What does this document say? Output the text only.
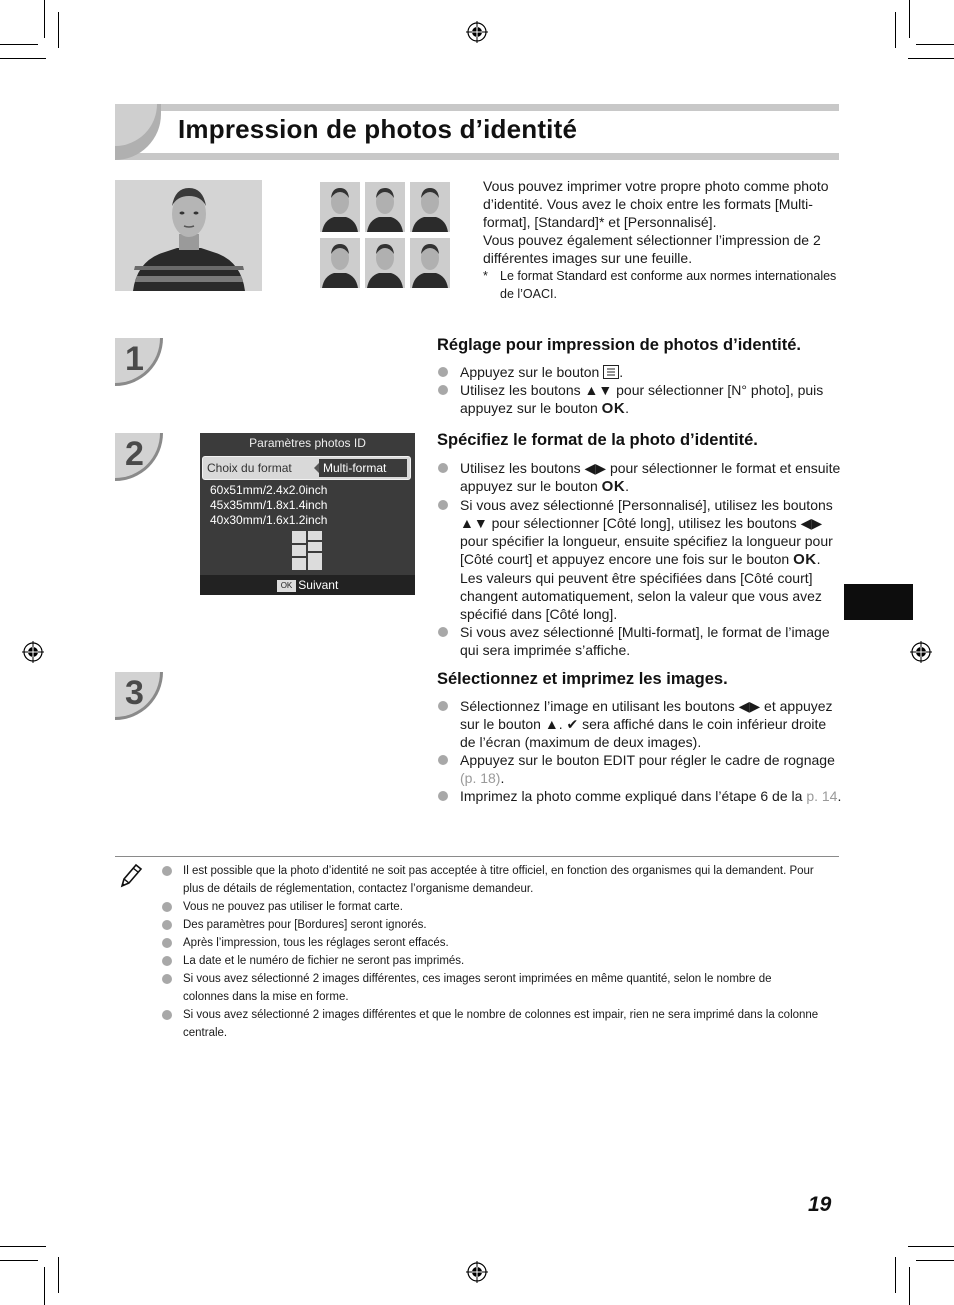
Impression de photos d’identité

Vous pouvez imprimer votre propre photo comme photo d’identité. Vous avez le choix entre les formats [Multi-format], [Standard]* et [Personnalisé].

Vous pouvez également sélectionner l’impression de 2 différentes images sur une feuille.

* Le format Standard est conforme aux normes internationales de l’OACI.
1	Réglage pour impression de photos d’identité.
Appuyez sur le bouton .
Utilisez les boutons ▲▼ pour sélectionner [N° photo], puis appuyez sur le bouton OK.
2	Paramètres photos ID
Choix du format	Multi-format
60x51mm/2.4x2.0inch
45x35mm/1.8x1.4inch
40x30mm/1.6x1.2inch
OK Suivant
Spécifiez le format de la photo d’identité.
Utilisez les boutons ◀▶ pour sélectionner le format et ensuite appuyez sur le bouton OK.
Si vous avez sélectionné [Personnalisé], utilisez les boutons ▲▼ pour sélectionner [Côté long], utilisez les boutons ◀▶ pour spécifier la longueur, ensuite spécifiez la longueur pour [Côté court] et appuyez encore une fois sur le bouton OK. Les valeurs qui peuvent être spécifiées dans [Côté court] changent automatiquement, selon la valeur que vous avez spécifié dans [Côté long].
Si vous avez sélectionné [Multi-format], le format de l’image qui sera imprimée s’affiche.
3	Sélectionnez et imprimez les images.
Sélectionnez l’image en utilisant les boutons ◀▶ et appuyez sur le bouton ▲. ✔ sera affiché dans le coin inférieur droite de l’écran (maximum de deux images).
Appuyez sur le bouton EDIT pour régler le cadre de rognage (p. 18).
Imprimez la photo comme expliqué dans l’étape 6 de la p. 14.
Il est possible que la photo d’identité ne soit pas acceptée à titre officiel, en fonction des organismes qui la demandent. Pour plus de détails de réglementation, contactez l’organisme demandeur.
Vous ne pouvez pas utiliser le format carte.
Des paramètres pour [Bordures] seront ignorés.
Après l’impression, tous les réglages seront effacés.
La date et le numéro de fichier ne seront pas imprimés.
Si vous avez sélectionné 2 images différentes, ces images seront imprimées en même quantité, selon le nombre de colonnes dans la mise en forme.
Si vous avez sélectionné 2 images différentes et que le nombre de colonnes est impair, rien ne sera imprimé dans la colonne centrale.
19
